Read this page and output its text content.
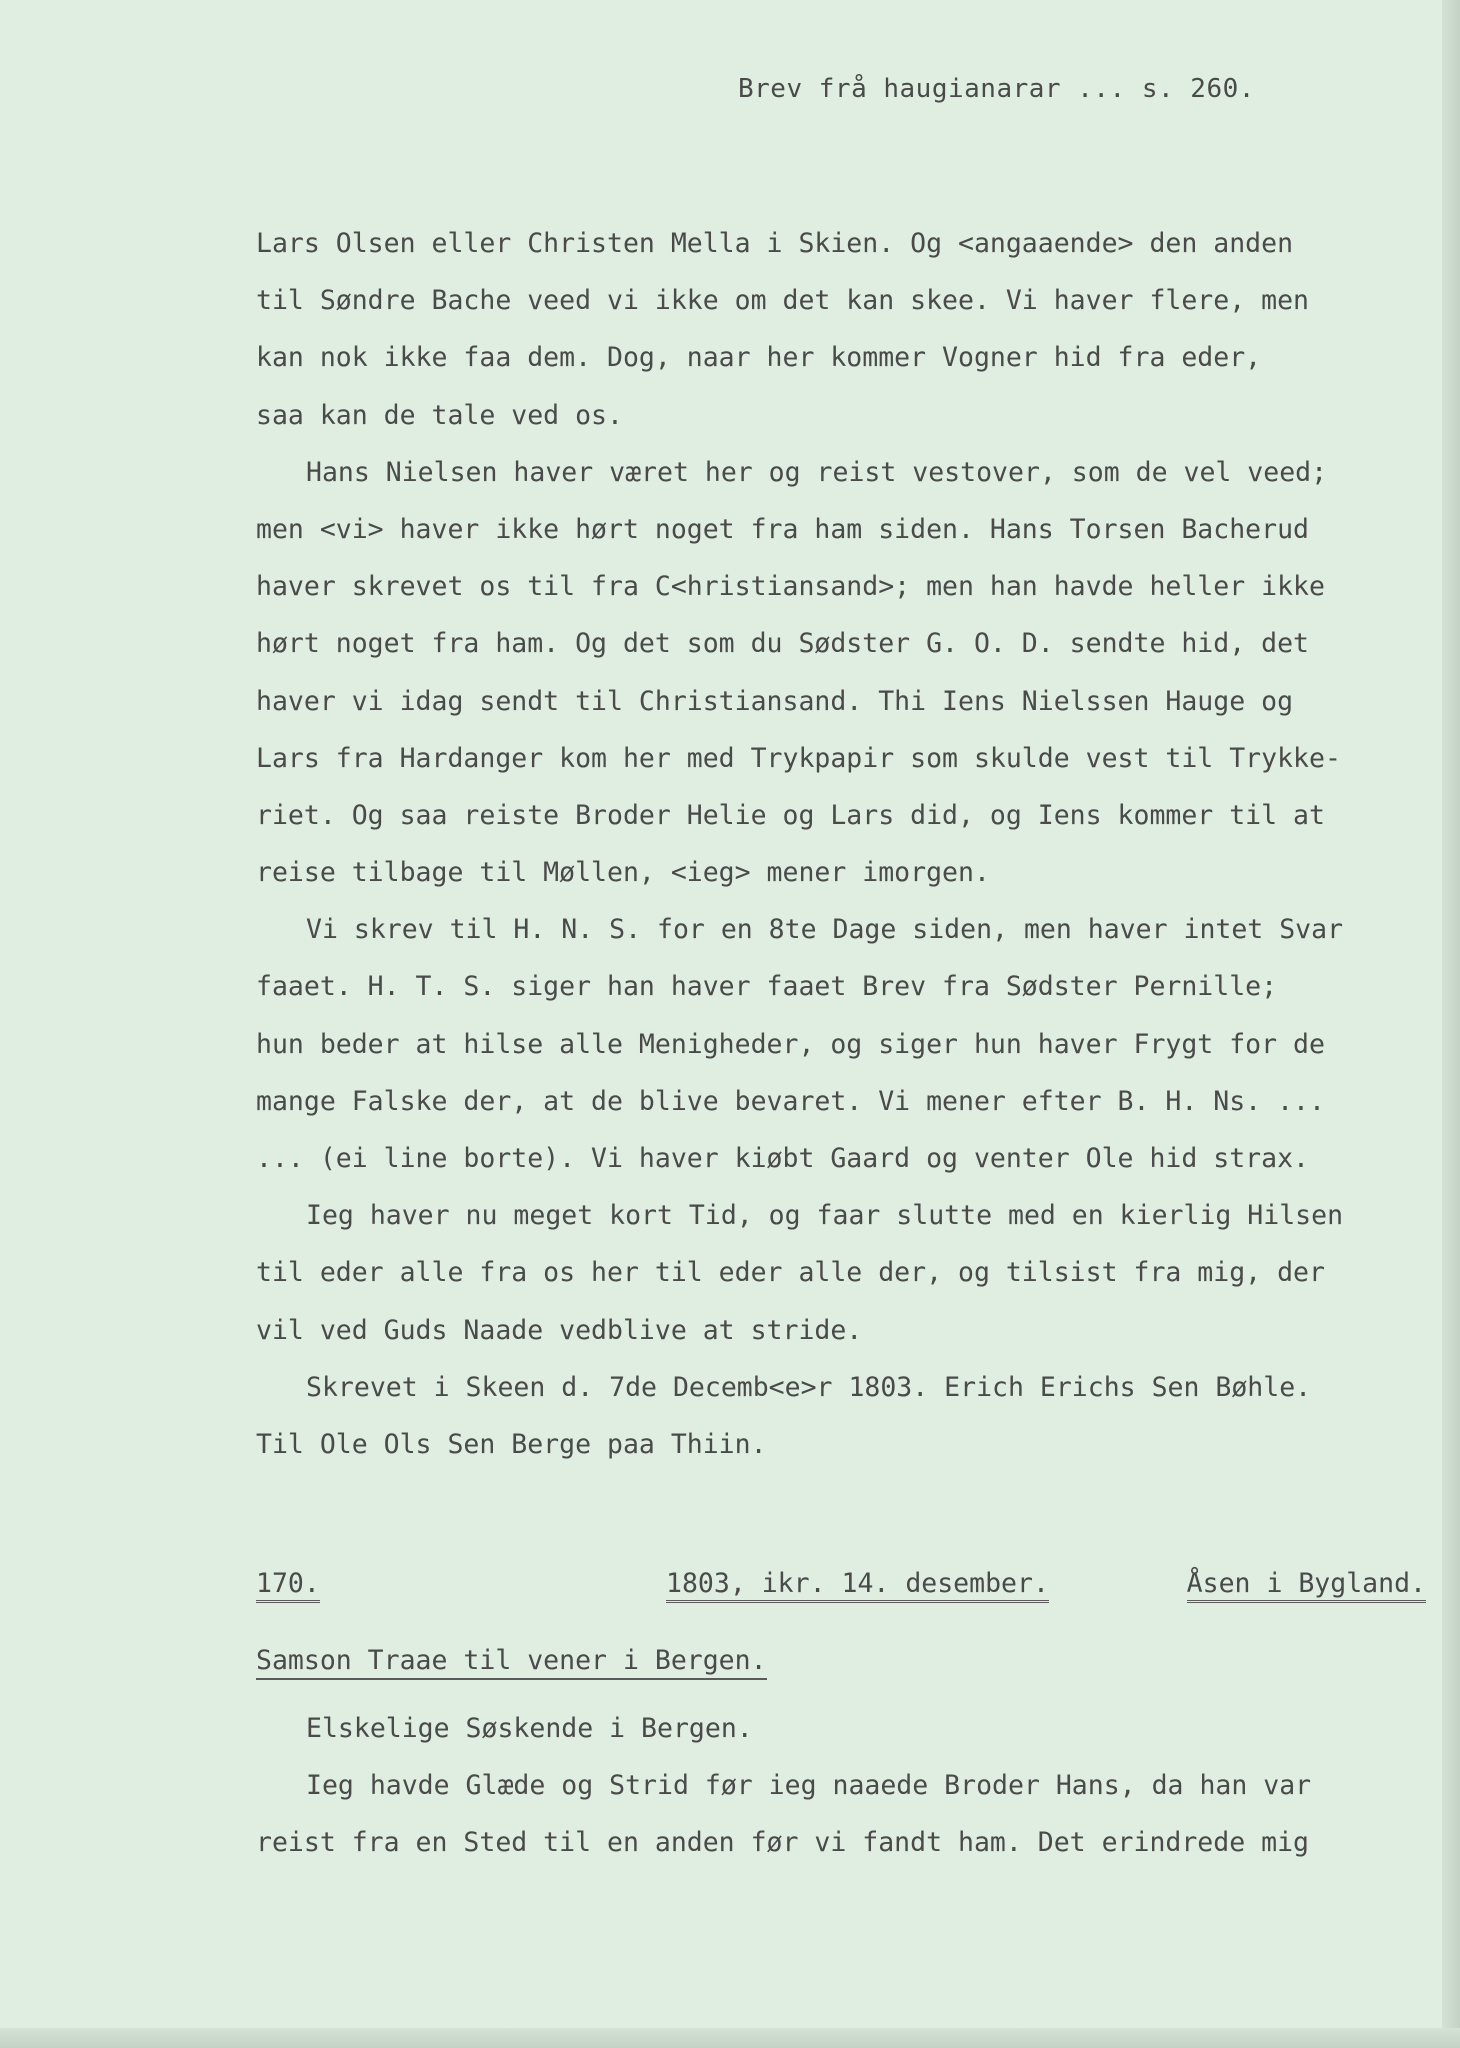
Brev frå haugianarar ... s. 260.
Lars Olsen eller Christen Mella i Skien. Og <angaaende> den anden
til Søndre Bache veed vi ikke om det kan skee. Vi haver flere, men
kan nok ikke faa dem. Dog, naar her kommer Vogner hid fra eder,
saa kan de tale ved os.
Hans Nielsen haver været her og reist vestover, som de vel veed;
men <vi> haver ikke hørt noget fra ham siden. Hans Torsen Bacherud
haver skrevet os til fra C<hristiansand>; men han havde heller ikke
hørt noget fra ham. Og det som du Sødster G. O. D. sendte hid, det
haver vi idag sendt til Christiansand. Thi Iens Nielssen Hauge og
Lars fra Hardanger kom her med Trykpapir som skulde vest til Trykke-
riet. Og saa reiste Broder Helie og Lars did, og Iens kommer til at
reise tilbage til Møllen, <ieg> mener imorgen.
Vi skrev til H. N. S. for en 8te Dage siden, men haver intet Svar
faaet. H. T. S. siger han haver faaet Brev fra Sødster Pernille;
hun beder at hilse alle Menigheder, og siger hun haver Frygt for de
mange Falske der, at de blive bevaret. Vi mener efter B. H. Ns. ...
... (ei line borte). Vi haver kiøbt Gaard og venter Ole hid strax.
Ieg haver nu meget kort Tid, og faar slutte med en kierlig Hilsen
til eder alle fra os her til eder alle der, og tilsist fra mig, der
vil ved Guds Naade vedblive at stride.
Skrevet i Skeen d. 7de Decemb<e>r 1803. Erich Erichs Sen Bøhle.
Til Ole Ols Sen Berge paa Thiin.
170.	1803, ikr. 14. desember.	Åsen i Bygland.
Samson Traae til vener i Bergen.
Elskelige Søskende i Bergen.
Ieg havde Glæde og Strid før ieg naaede Broder Hans, da han var
reist fra en Sted til en anden før vi fandt ham. Det erindrede mig
